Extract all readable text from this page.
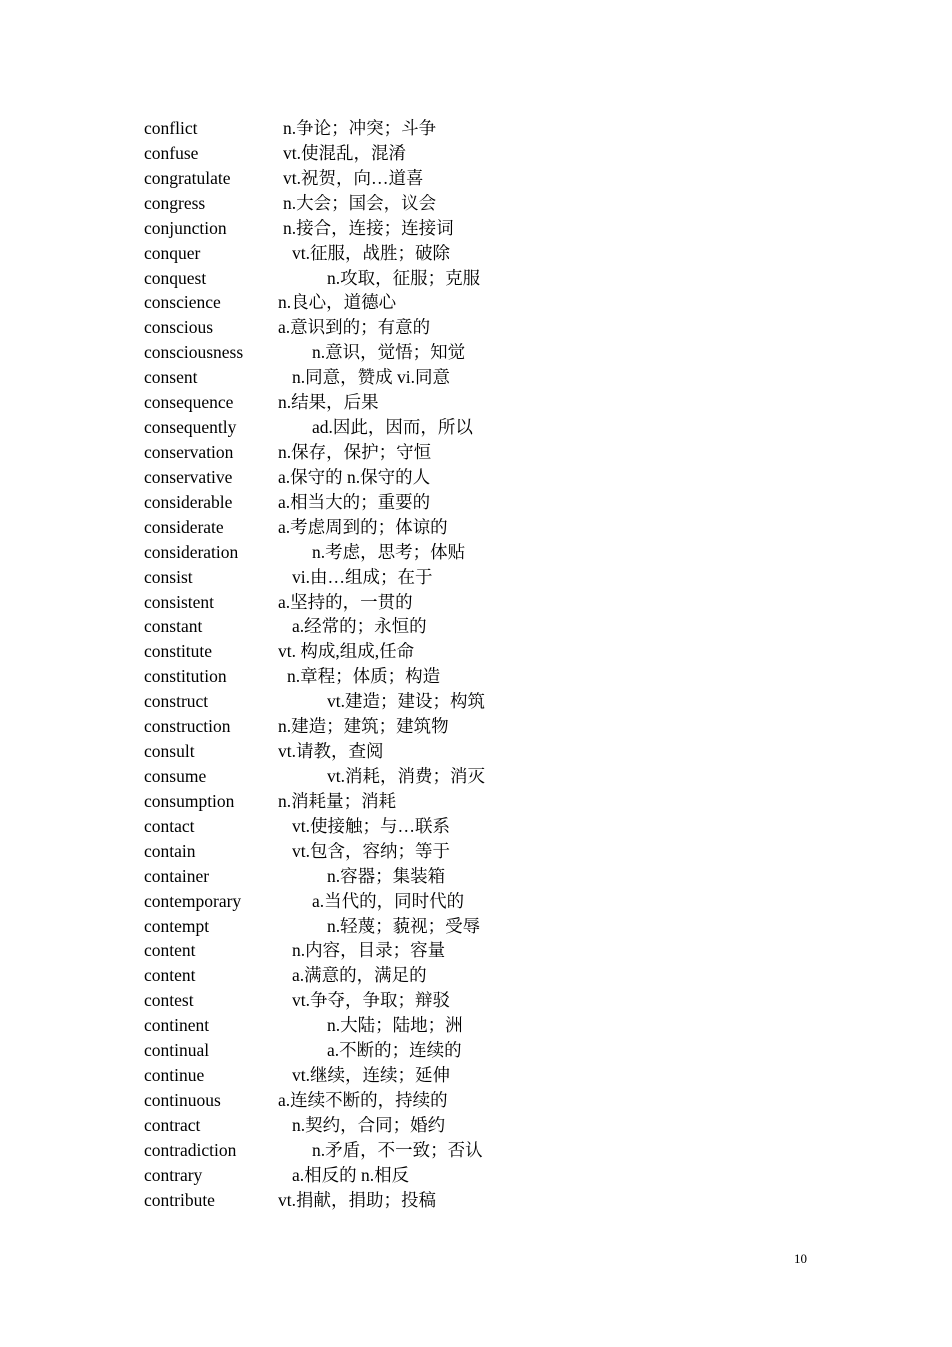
conflict	n.争论；冲突；斗争
confuse	vt.使混乱，混淆
congratulate	vt.祝贺，向…道喜
congress	n.大会；国会，议会
conjunction	n.接合，连接；连接词
conquer	vt.征服，战胜；破除
conquest	n.攻取，征服；克服
conscience	n.良心，道德心
conscious	a.意识到的；有意的
consciousness	n.意识，觉悟；知觉
consent	n.同意，赞成 vi.同意
consequence	n.结果，后果
consequently	ad.因此，因而，所以
conservation	n.保存，保护；守恒
conservative	a.保守的 n.保守的人
considerable	a.相当大的；重要的
considerate	a.考虑周到的；体谅的
consideration	n.考虑，思考；体贴
consist	vi.由…组成；在于
consistent	a.坚持的，一贯的
constant	a.经常的；永恒的
constitute	vt. 构成,组成,任命
constitution	n.章程；体质；构造
construct	vt.建造；建设；构筑
construction	n.建造；建筑；建筑物
consult	vt.请教，查阅
consume	vt.消耗，消费；消灭
consumption n.消耗量；消耗
contact	vt.使接触；与…联系
contain	vt.包含，容纳；等于
container	n.容器；集装箱
contemporary	a.当代的，同时代的
contempt	n.轻蔑；藐视；受辱
content	n.内容，目录；容量
content	a.满意的，满足的
contest	vt.争夺，争取；辩驳
continent	n.大陆；陆地；洲
continual	a.不断的；连续的
continue	vt.继续，连续；延伸
continuous	a.连续不断的，持续的
contract	n.契约，合同；婚约
contradiction	n.矛盾，不一致；否认
contrary	a.相反的 n.相反
contribute	vt.捐献，捐助；投稿
10
